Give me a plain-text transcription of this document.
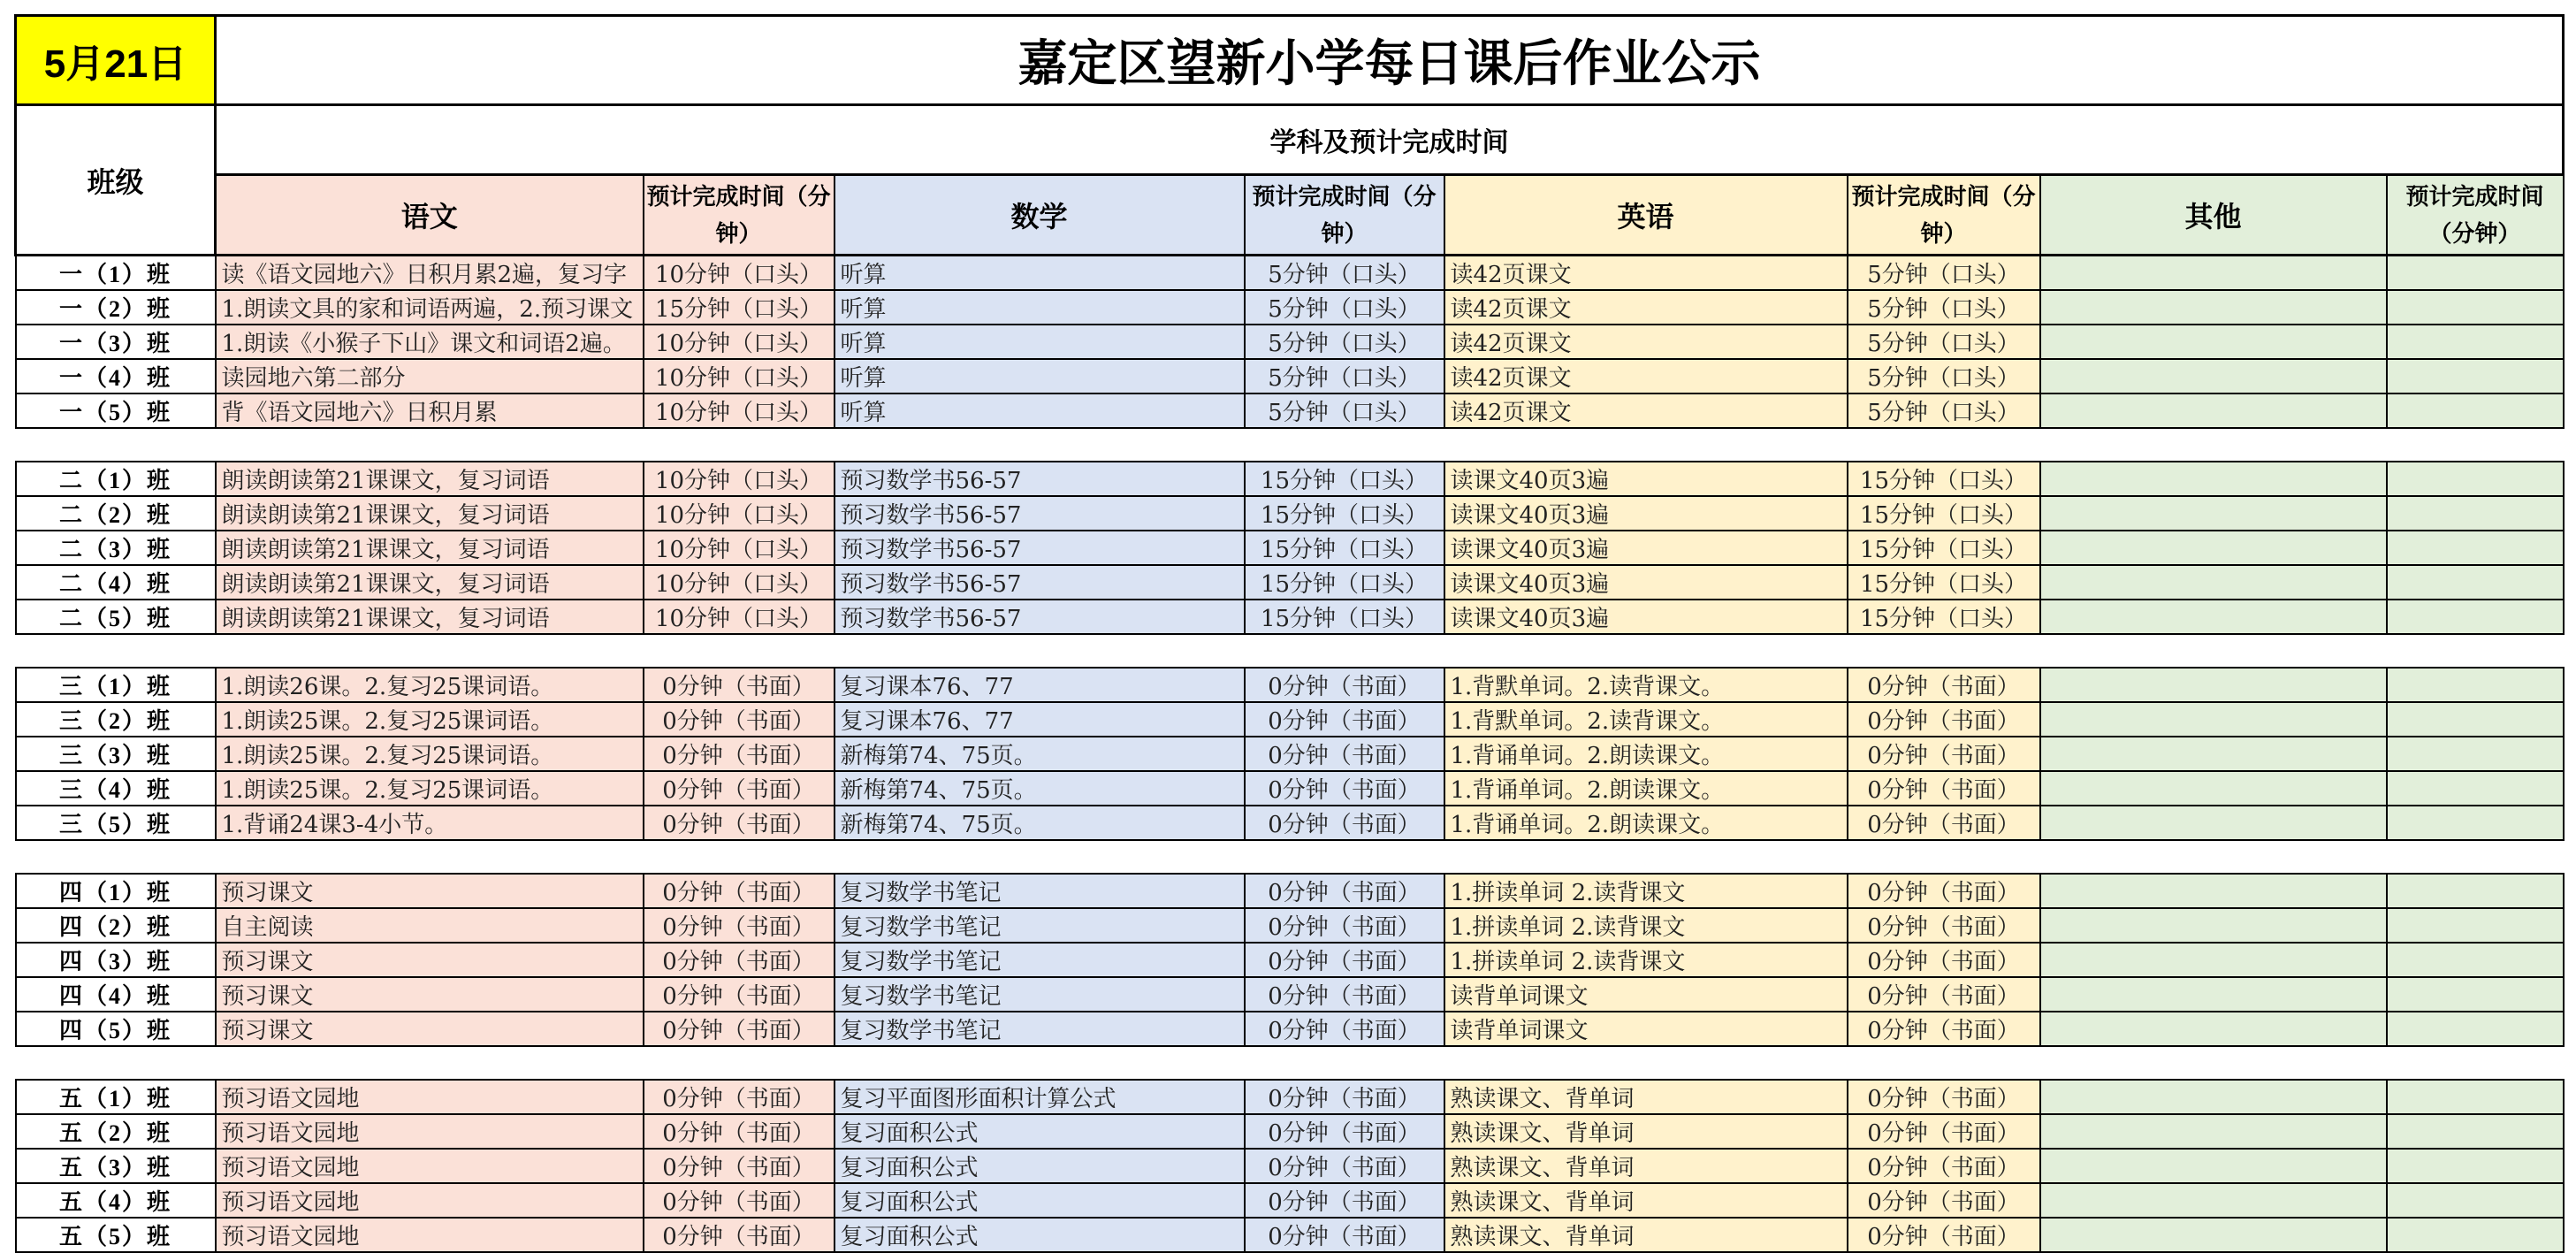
5月21日	嘉定区望新小学每日课后作业公示							
班级	学科及预计完成时间							
	语文	预计完成时间（分钟）	数学	预计完成时间（分钟）	英语	预计完成时间（分钟）	其他	预计完成时间（分钟）
一（1）班	读《语文园地六》日积月累2遍，复习字	10分钟（口头）	听算	5分钟（口头）	读42页课文	5分钟（口头）		
一（2）班	1.朗读文具的家和词语两遍，2.预习课文	15分钟（口头）	听算	5分钟（口头）	读42页课文	5分钟（口头）		
一（3）班	1.朗读《小猴子下山》课文和词语2遍。	10分钟（口头）	听算	5分钟（口头）	读42页课文	5分钟（口头）		
一（4）班	读园地六第二部分	10分钟（口头）	听算	5分钟（口头）	读42页课文	5分钟（口头）		
一（5）班	背《语文园地六》日积月累	10分钟（口头）	听算	5分钟（口头）	读42页课文	5分钟（口头）		

二（1）班	朗读朗读第21课课文，复习词语	10分钟（口头）	预习数学书56-57	15分钟（口头）	读课文40页3遍	15分钟（口头）		
二（2）班	朗读朗读第21课课文，复习词语	10分钟（口头）	预习数学书56-57	15分钟（口头）	读课文40页3遍	15分钟（口头）		
二（3）班	朗读朗读第21课课文，复习词语	10分钟（口头）	预习数学书56-57	15分钟（口头）	读课文40页3遍	15分钟（口头）		
二（4）班	朗读朗读第21课课文，复习词语	10分钟（口头）	预习数学书56-57	15分钟（口头）	读课文40页3遍	15分钟（口头）		
二（5）班	朗读朗读第21课课文，复习词语	10分钟（口头）	预习数学书56-57	15分钟（口头）	读课文40页3遍	15分钟（口头）		

三（1）班	1.朗读26课。2.复习25课词语。	0分钟（书面）	复习课本76、77	0分钟（书面）	1.背默单词。2.读背课文。	0分钟（书面）		
三（2）班	1.朗读25课。2.复习25课词语。	0分钟（书面）	复习课本76、77	0分钟（书面）	1.背默单词。2.读背课文。	0分钟（书面）		
三（3）班	1.朗读25课。2.复习25课词语。	0分钟（书面）	新梅第74、75页。	0分钟（书面）	1.背诵单词。2.朗读课文。	0分钟（书面）		
三（4）班	1.朗读25课。2.复习25课词语。	0分钟（书面）	新梅第74、75页。	0分钟（书面）	1.背诵单词。2.朗读课文。	0分钟（书面）		
三（5）班	1.背诵24课3-4小节。	0分钟（书面）	新梅第74、75页。	0分钟（书面）	1.背诵单词。2.朗读课文。	0分钟（书面）		

四（1）班	预习课文	0分钟（书面）	复习数学书笔记	0分钟（书面）	1.拼读单词 2.读背课文	0分钟（书面）		
四（2）班	自主阅读	0分钟（书面）	复习数学书笔记	0分钟（书面）	1.拼读单词 2.读背课文	0分钟（书面）		
四（3）班	预习课文	0分钟（书面）	复习数学书笔记	0分钟（书面）	1.拼读单词 2.读背课文	0分钟（书面）		
四（4）班	预习课文	0分钟（书面）	复习数学书笔记	0分钟（书面）	读背单词课文	0分钟（书面）		
四（5）班	预习课文	0分钟（书面）	复习数学书笔记	0分钟（书面）	读背单词课文	0分钟（书面）		

五（1）班	预习语文园地	0分钟（书面）	复习平面图形面积计算公式	0分钟（书面）	熟读课文、背单词	0分钟（书面）		
五（2）班	预习语文园地	0分钟（书面）	复习面积公式	0分钟（书面）	熟读课文、背单词	0分钟（书面）		
五（3）班	预习语文园地	0分钟（书面）	复习面积公式	0分钟（书面）	熟读课文、背单词	0分钟（书面）		
五（4）班	预习语文园地	0分钟（书面）	复习面积公式	0分钟（书面）	熟读课文、背单词	0分钟（书面）		
五（5）班	预习语文园地	0分钟（书面）	复习面积公式	0分钟（书面）	熟读课文、背单词	0分钟（书面）		
